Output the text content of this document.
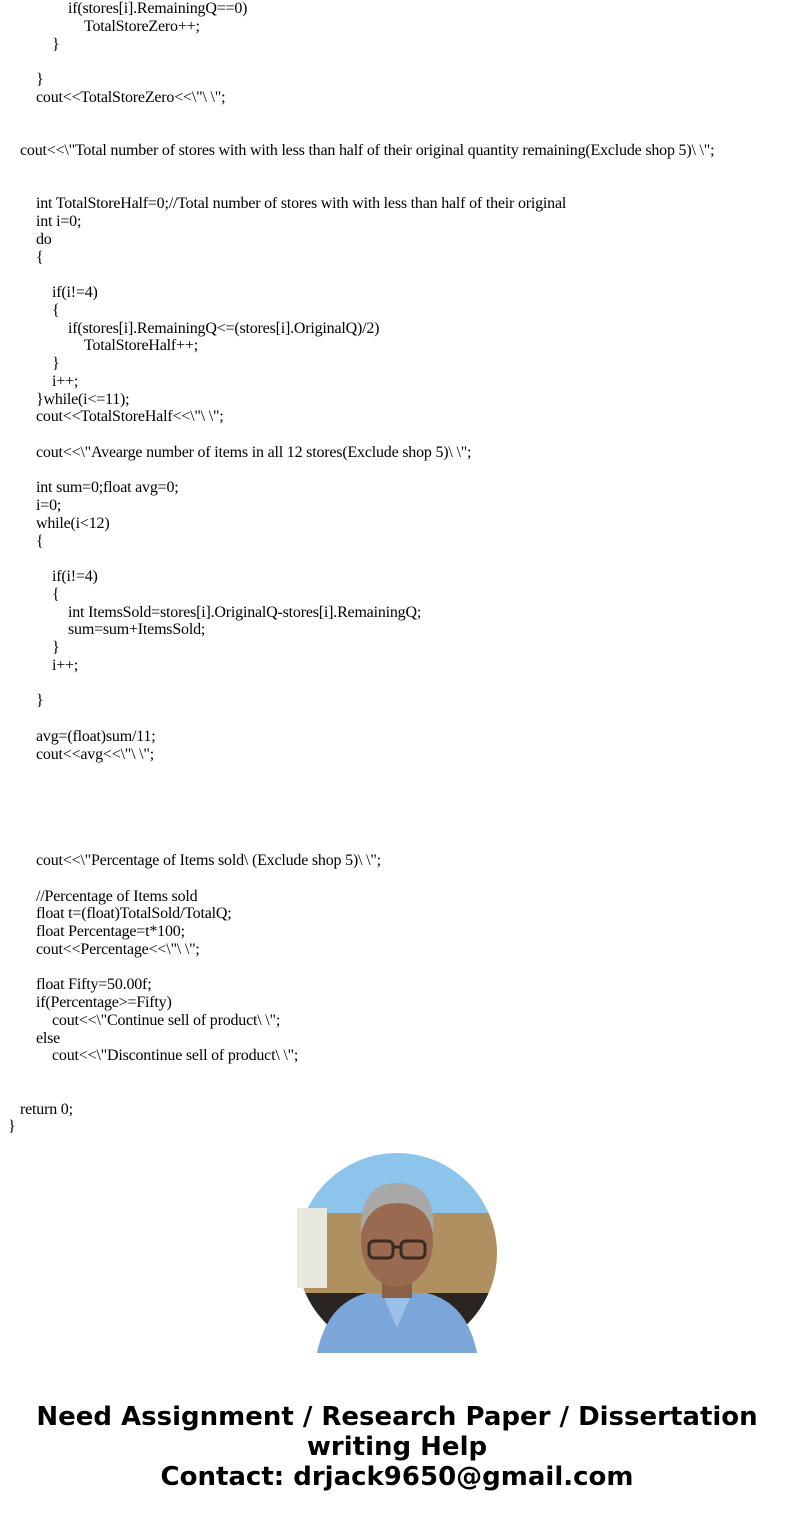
if(stores[i].RemainingQ==0)
TotalStoreZero++;
}
}
cout<<TotalStoreZero<<\"\ \";
cout<<\"Total number of stores with with less than half of their original quantity remaining(Exclude shop 5)\ \";
int TotalStoreHalf=0;//Total number of stores with with less than half of their original
int i=0;
do
{
if(i!=4)
{
if(stores[i].RemainingQ<=(stores[i].OriginalQ)/2)
TotalStoreHalf++;
}
i++;
}while(i<=11);
cout<<TotalStoreHalf<<\"\ \";
cout<<\"Avearge number of items in all 12 stores(Exclude shop 5)\ \";
int sum=0;float avg=0;
i=0;
while(i<12)
{
if(i!=4)
{
int ItemsSold=stores[i].OriginalQ-stores[i].RemainingQ;
sum=sum+ItemsSold;
}
i++;
}
avg=(float)sum/11;
cout<<avg<<\"\ \";
cout<<\"Percentage of Items sold\ (Exclude shop 5)\ \";
//Percentage of Items sold
float t=(float)TotalSold/TotalQ;
float Percentage=t*100;
cout<<Percentage<<\"\ \";
float Fifty=50.00f;
if(Percentage>=Fifty)
cout<<\"Continue sell of product\ \";
else
cout<<\"Discontinue sell of product\ \";
return 0;
}
Need Assignment / Research Paper / Dissertation
writing Help
Contact: drjack9650@gmail.com
